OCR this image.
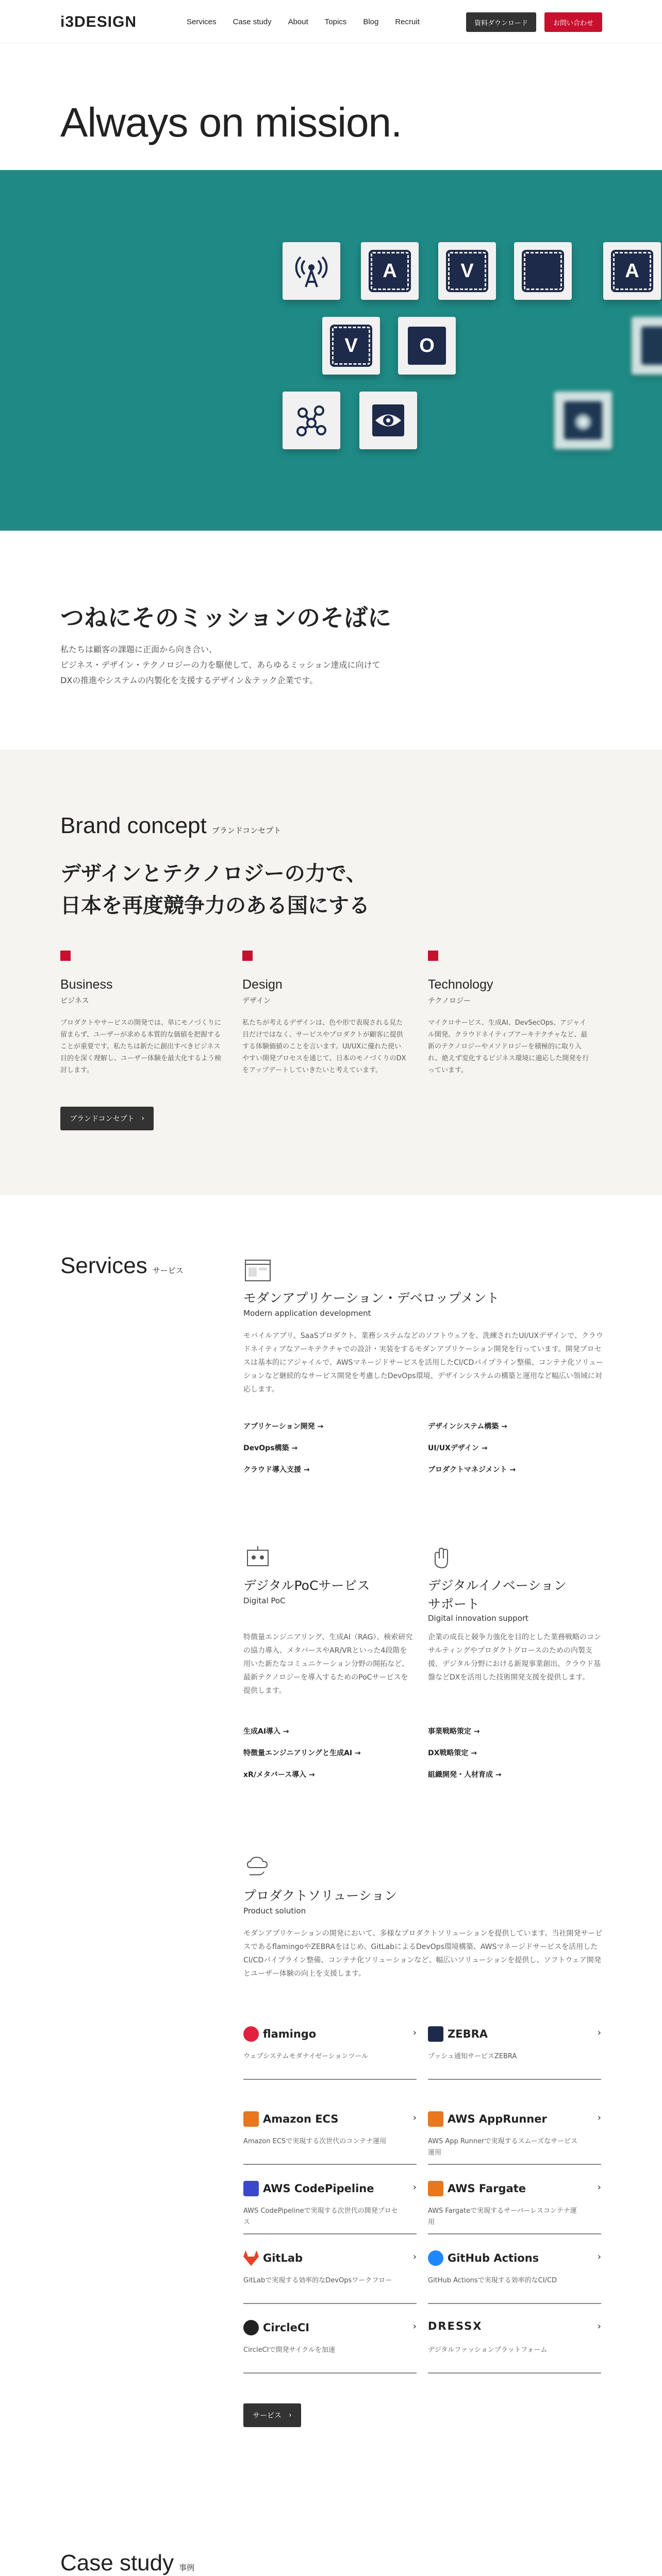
i3DESIGN	Services Case study About Topics Blog Recruit	資料ダウンロード	お問い合わせ
Always on mission.
A	V	A
V	O
◉
つねにそのミッションのそばに
私たちは顧客の課題に正面から向き合い、
ビジネス・デザイン・テクノロジーの力を駆使して、あらゆるミッション達成に向けて
DXの推進やシステムの内製化を支援するデザイン＆テック企業です。
Brand concept ブランドコンセプト
デザインとテクノロジーの力で、
日本を再度競争力のある国にする
Business
ビジネス
プロダクトやサービスの開発では、単にモノづくりに留まらず、ユーザーが求める本質的な価値を把握することが重要です。私たちは新たに創出すべきビジネス目的を深く理解し、ユーザー体験を最大化するよう検討します。
Design
デザイン
私たちが考えるデザインは、色や形で表現される見た目だけではなく、サービスやプロダクトが顧客に提供する体験価値のことを言います。UI/UXに優れた使いやすい開発プロセスを通じて、日本のモノづくりのDXをアップデートしていきたいと考えています。
Technology
テクノロジー
マイクロサービス、生成AI、DevSecOps、アジャイル開発、クラウドネイティブアーキテクチャなど、最新のテクノロジーやメソドロジーを積極的に取り入れ、絶えず変化するビジネス環境に適応した開発を行っています。
ブランドコンセプト ›
Services サービス
モダンアプリケーション・デベロップメント
Modern application development
モバイルアプリ、SaaSプロダクト、業務システムなどのソフトウェアを、洗練されたUI/UXデザインで、クラウドネイティブなアーキテクチャでの設計・実装をするモダンアプリケーション開発を行っています。開発プロセスは基本的にアジャイルで、AWSマネージドサービスを活用したCI/CDパイプライン整備、コンテナ化ソリューションなど継続的なサービス開発を考慮したDevOps環境、デザインシステムの構築と運用など幅広い領域に対応します。
アプリケーション開発 →	デザインシステム構築 →
DevOps構築 →	UI/UXデザイン →
クラウド導入支援 →	プロダクトマネジメント →
デジタルPoCサービス
Digital PoC
特徴量エンジニアリング、生成AI（RAG）、検索研究の協力導入、メタバースやAR/VRといった4段階を用いた新たなコミュニケーション分野の開拓など、最新テクノロジーを導入するためのPoCサービスを提供します。
生成AI導入 →
特徴量エンジニアリングと生成AI →
xR/メタバース導入 →
デジタルイノベーション
サポート
Digital innovation support
企業の成長と競争力強化を目的とした業務戦略のコンサルティングやプロダクトグロースのための内製支援、デジタル分野における新規事業創出、クラウド基盤などDXを活用した技術開発支援を提供します。
事業戦略策定 →
DX戦略策定 →
組織開発・人材育成 →
プロダクトソリューション
Product solution
モダンアプリケーションの開発において、多様なプロダクトソリューションを提供しています。当社開発サービスであるflamingoやZEBRAをはじめ、GitLabによるDevOps環境構築、AWSマネージドサービスを活用したCI/CDパイプライン整備、コンテナ化ソリューションなど、幅広いソリューションを提供し、ソフトウェア開発とユーザー体験の向上を支援します。
flamingo
ウェブシステムモダナイゼーションツール
›	ZEBRA
プッシュ通知サービスZEBRA
›
Amazon ECS
Amazon ECSで実現する次世代のコンテナ運用
›	AWS AppRunner
AWS App Runnerで実現するスムーズなサービス運用
›
AWS CodePipeline
AWS CodePipelineで実現する次世代の開発プロセス
›	AWS Fargate
AWS Fargateで実現するサーバーレスコンテナ運用
›
GitLab
GitLabで実現する効率的なDevOpsワークフロー
›	GitHub Actions
GitHub Actionsで実現する効率的なCI/CD
›
CircleCI
CircleCIで開発サイクルを加速
› DRESSX
デジタルファッションプラットフォーム
›
サービス ›
Case study 事例
